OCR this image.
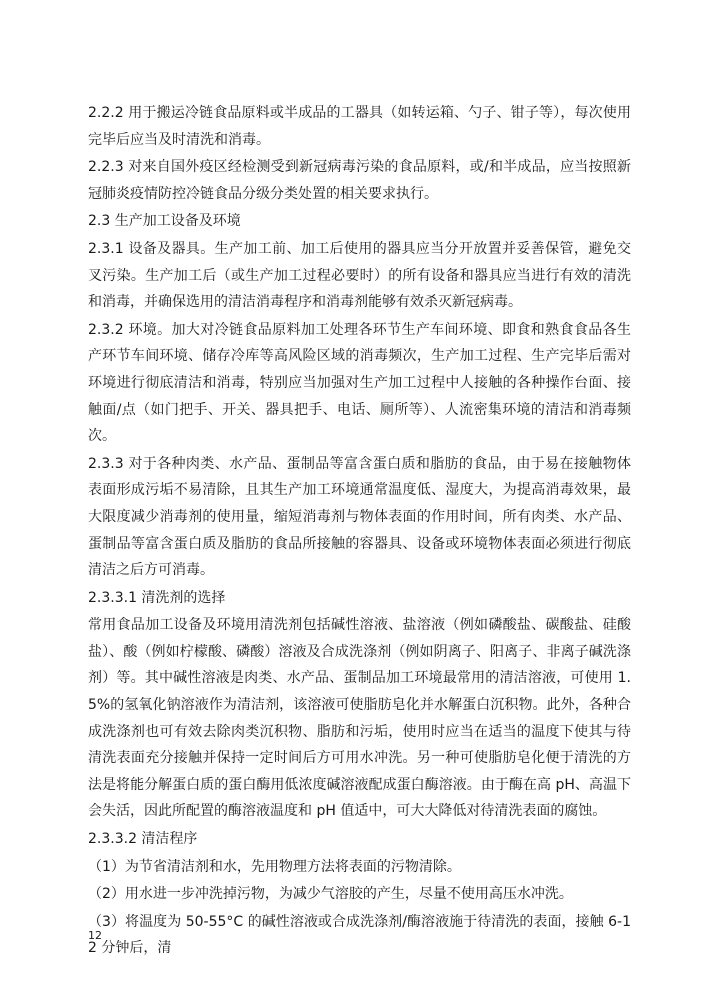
2.2.2 用于搬运冷链食品原料或半成品的工器具（如转运箱、勺子、钳子等），每次使用完毕后应当及时清洗和消毒。

2.2.3 对来自国外疫区经检测受到新冠病毒污染的食品原料，或/和半成品，应当按照新冠肺炎疫情防控冷链食品分级分类处置的相关要求执行。

2.3 生产加工设备及环境

2.3.1 设备及器具。生产加工前、加工后使用的器具应当分开放置并妥善保管，避免交叉污染。生产加工后（或生产加工过程必要时）的所有设备和器具应当进行有效的清洗和消毒，并确保选用的清洁消毒程序和消毒剂能够有效杀灭新冠病毒。

2.3.2 环境。加大对冷链食品原料加工处理各环节生产车间环境、即食和熟食食品各生产环节车间环境、储存冷库等高风险区域的消毒频次，生产加工过程、生产完毕后需对环境进行彻底清洁和消毒，特别应当加强对生产加工过程中人接触的各种操作台面、接触面/点（如门把手、开关、器具把手、电话、厕所等）、人流密集环境的清洁和消毒频次。

2.3.3 对于各种肉类、水产品、蛋制品等富含蛋白质和脂肪的食品，由于易在接触物体表面形成污垢不易清除，且其生产加工环境通常温度低、湿度大，为提高消毒效果，最大限度减少消毒剂的使用量，缩短消毒剂与物体表面的作用时间，所有肉类、水产品、蛋制品等富含蛋白质及脂肪的食品所接触的容器具、设备或环境物体表面必须进行彻底清洁之后方可消毒。

2.3.3.1 清洗剂的选择

常用食品加工设备及环境用清洗剂包括碱性溶液、盐溶液（例如磷酸盐、碳酸盐、硅酸盐）、酸（例如柠檬酸、磷酸）溶液及合成洗涤剂（例如阴离子、阳离子、非离子碱洗涤剂）等。其中碱性溶液是肉类、水产品、蛋制品加工环境最常用的清洁溶液，可使用 1.5%的氢氧化钠溶液作为清洁剂，该溶液可使脂肪皂化并水解蛋白沉积物。此外，各种合成洗涤剂也可有效去除肉类沉积物、脂肪和污垢，使用时应当在适当的温度下使其与待清洗表面充分接触并保持一定时间后方可用水冲洗。另一种可使脂肪皂化便于清洗的方法是将能分解蛋白质的蛋白酶用低浓度碱溶液配成蛋白酶溶液。由于酶在高 pH、高温下会失活，因此所配置的酶溶液温度和 pH 值适中，可大大降低对待清洗表面的腐蚀。

2.3.3.2 清洁程序

（1）为节省清洁剂和水，先用物理方法将表面的污物清除。

（2）用水进一步冲洗掉污物，为减少气溶胶的产生，尽量不使用高压水冲洗。

（3）将温度为 50-55°C 的碱性溶液或合成洗涤剂/酶溶液施于待清洗的表面，接触 6-12 分钟后，清

12
